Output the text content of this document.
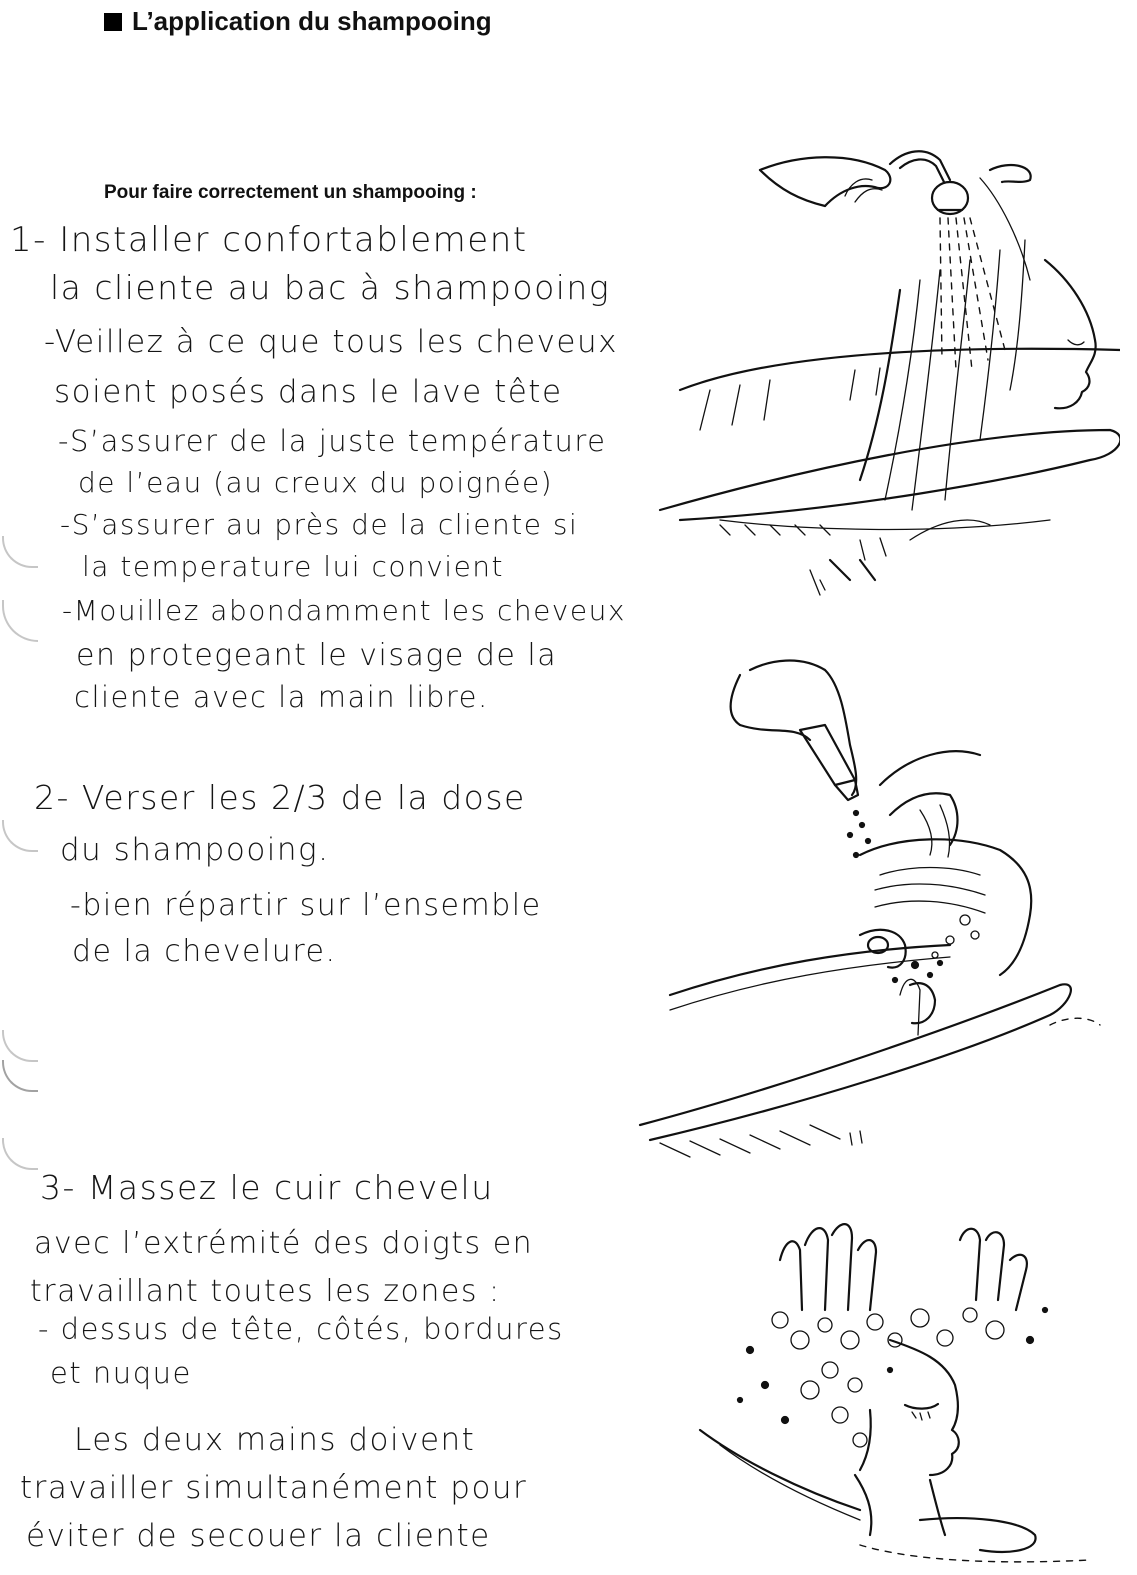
L’application du shampooing
Pour faire correctement un shampooing :
1- Installer confortablement
la cliente au bac à shampooing
-Veillez à ce que tous les cheveux
soient posés dans le lave tête
-S’assurer de la juste température
de l’eau (au creux du poignée)
-S’assurer au près de la cliente si
la temperature lui convient
-Mouillez abondamment les cheveux
en protegeant le visage de la
cliente avec la main libre.
2- Verser les 2/3 de la dose
du shampooing.
-bien répartir sur l’ensemble
de la chevelure.
3- Massez le cuir chevelu
avec l’extrémité des doigts en
travaillant toutes les zones :
- dessus de tête, côtés, bordures
et nuque
Les deux mains doivent
travailler simultanément pour
éviter de secouer la cliente
